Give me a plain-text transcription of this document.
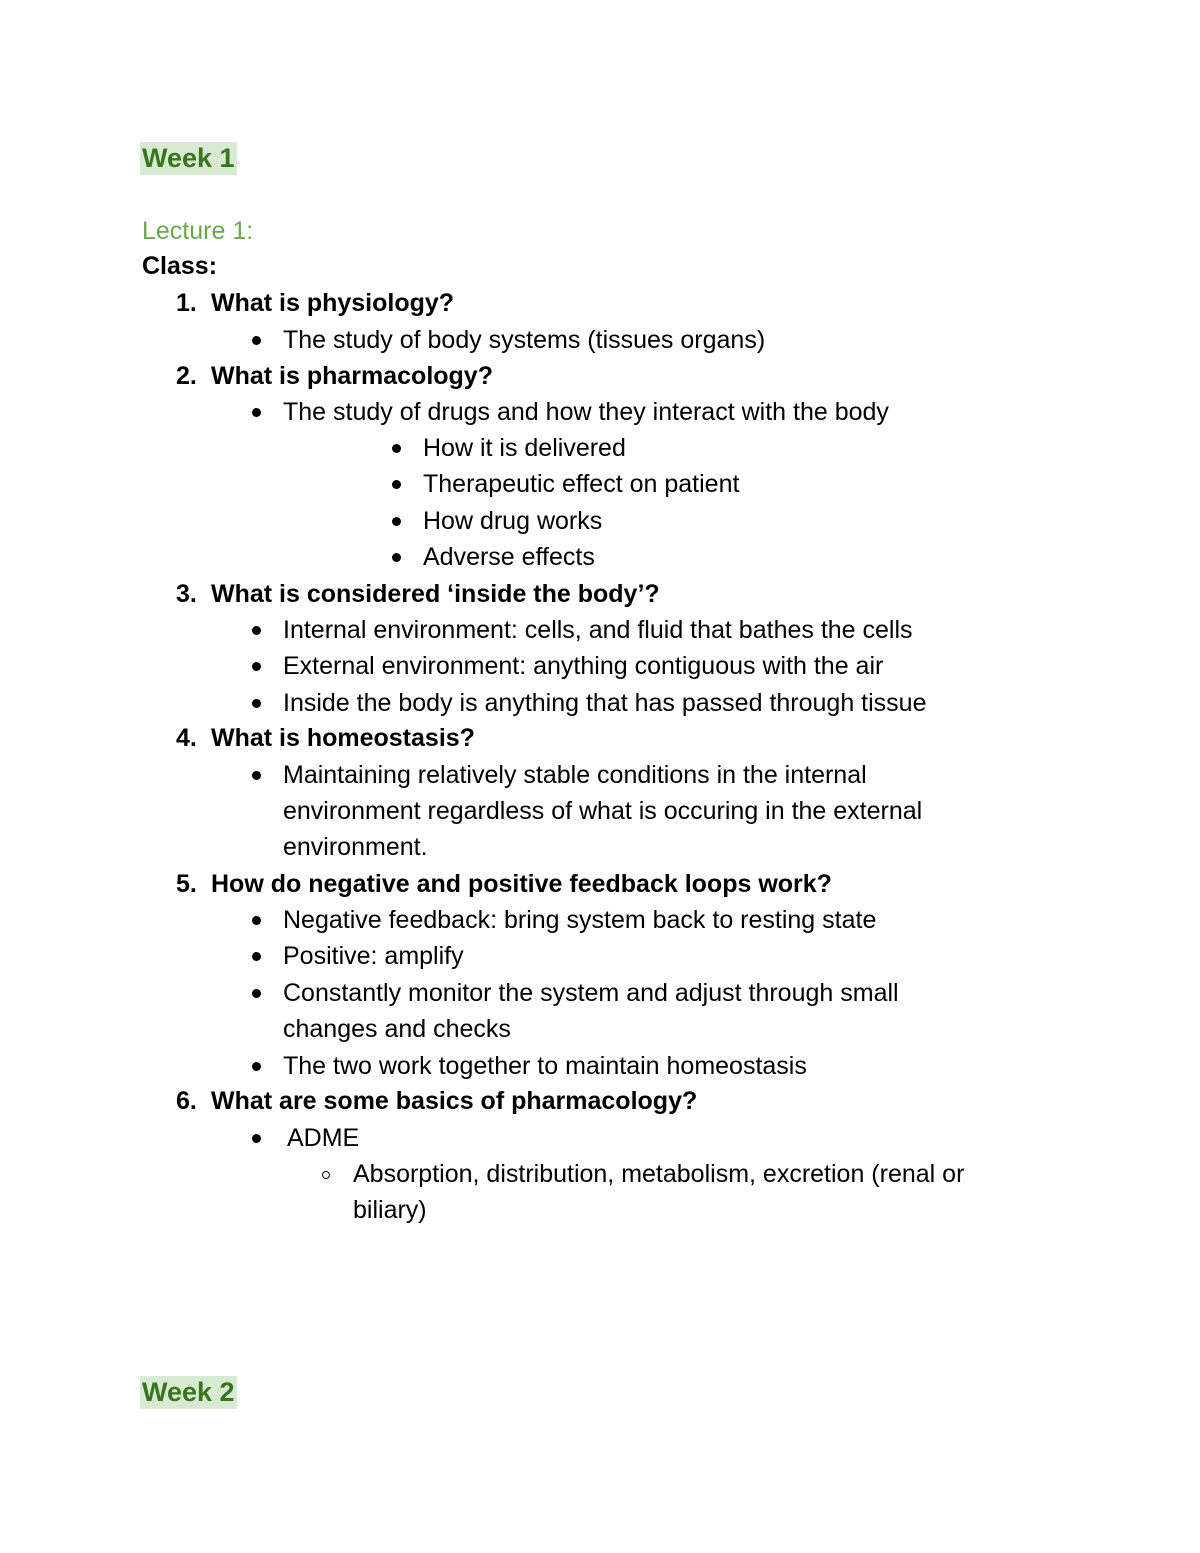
Week 1
Lecture 1:
Class:
1. What is physiology?
The study of body systems (tissues organs)
2. What is pharmacology?
The study of drugs and how they interact with the body
How it is delivered
Therapeutic effect on patient
How drug works
Adverse effects
3. What is considered ‘inside the body’?
Internal environment: cells, and fluid that bathes the cells
External environment: anything contiguous with the air
Inside the body is anything that has passed through tissue
4. What is homeostasis?
Maintaining relatively stable conditions in the internal
environment regardless of what is occuring in the external
environment.
5. How do negative and positive feedback loops work?
Negative feedback: bring system back to resting state
Positive: amplify
Constantly monitor the system and adjust through small
changes and checks
The two work together to maintain homeostasis
6. What are some basics of pharmacology?
ADME
Absorption, distribution, metabolism, excretion (renal or
biliary)
Week 2
